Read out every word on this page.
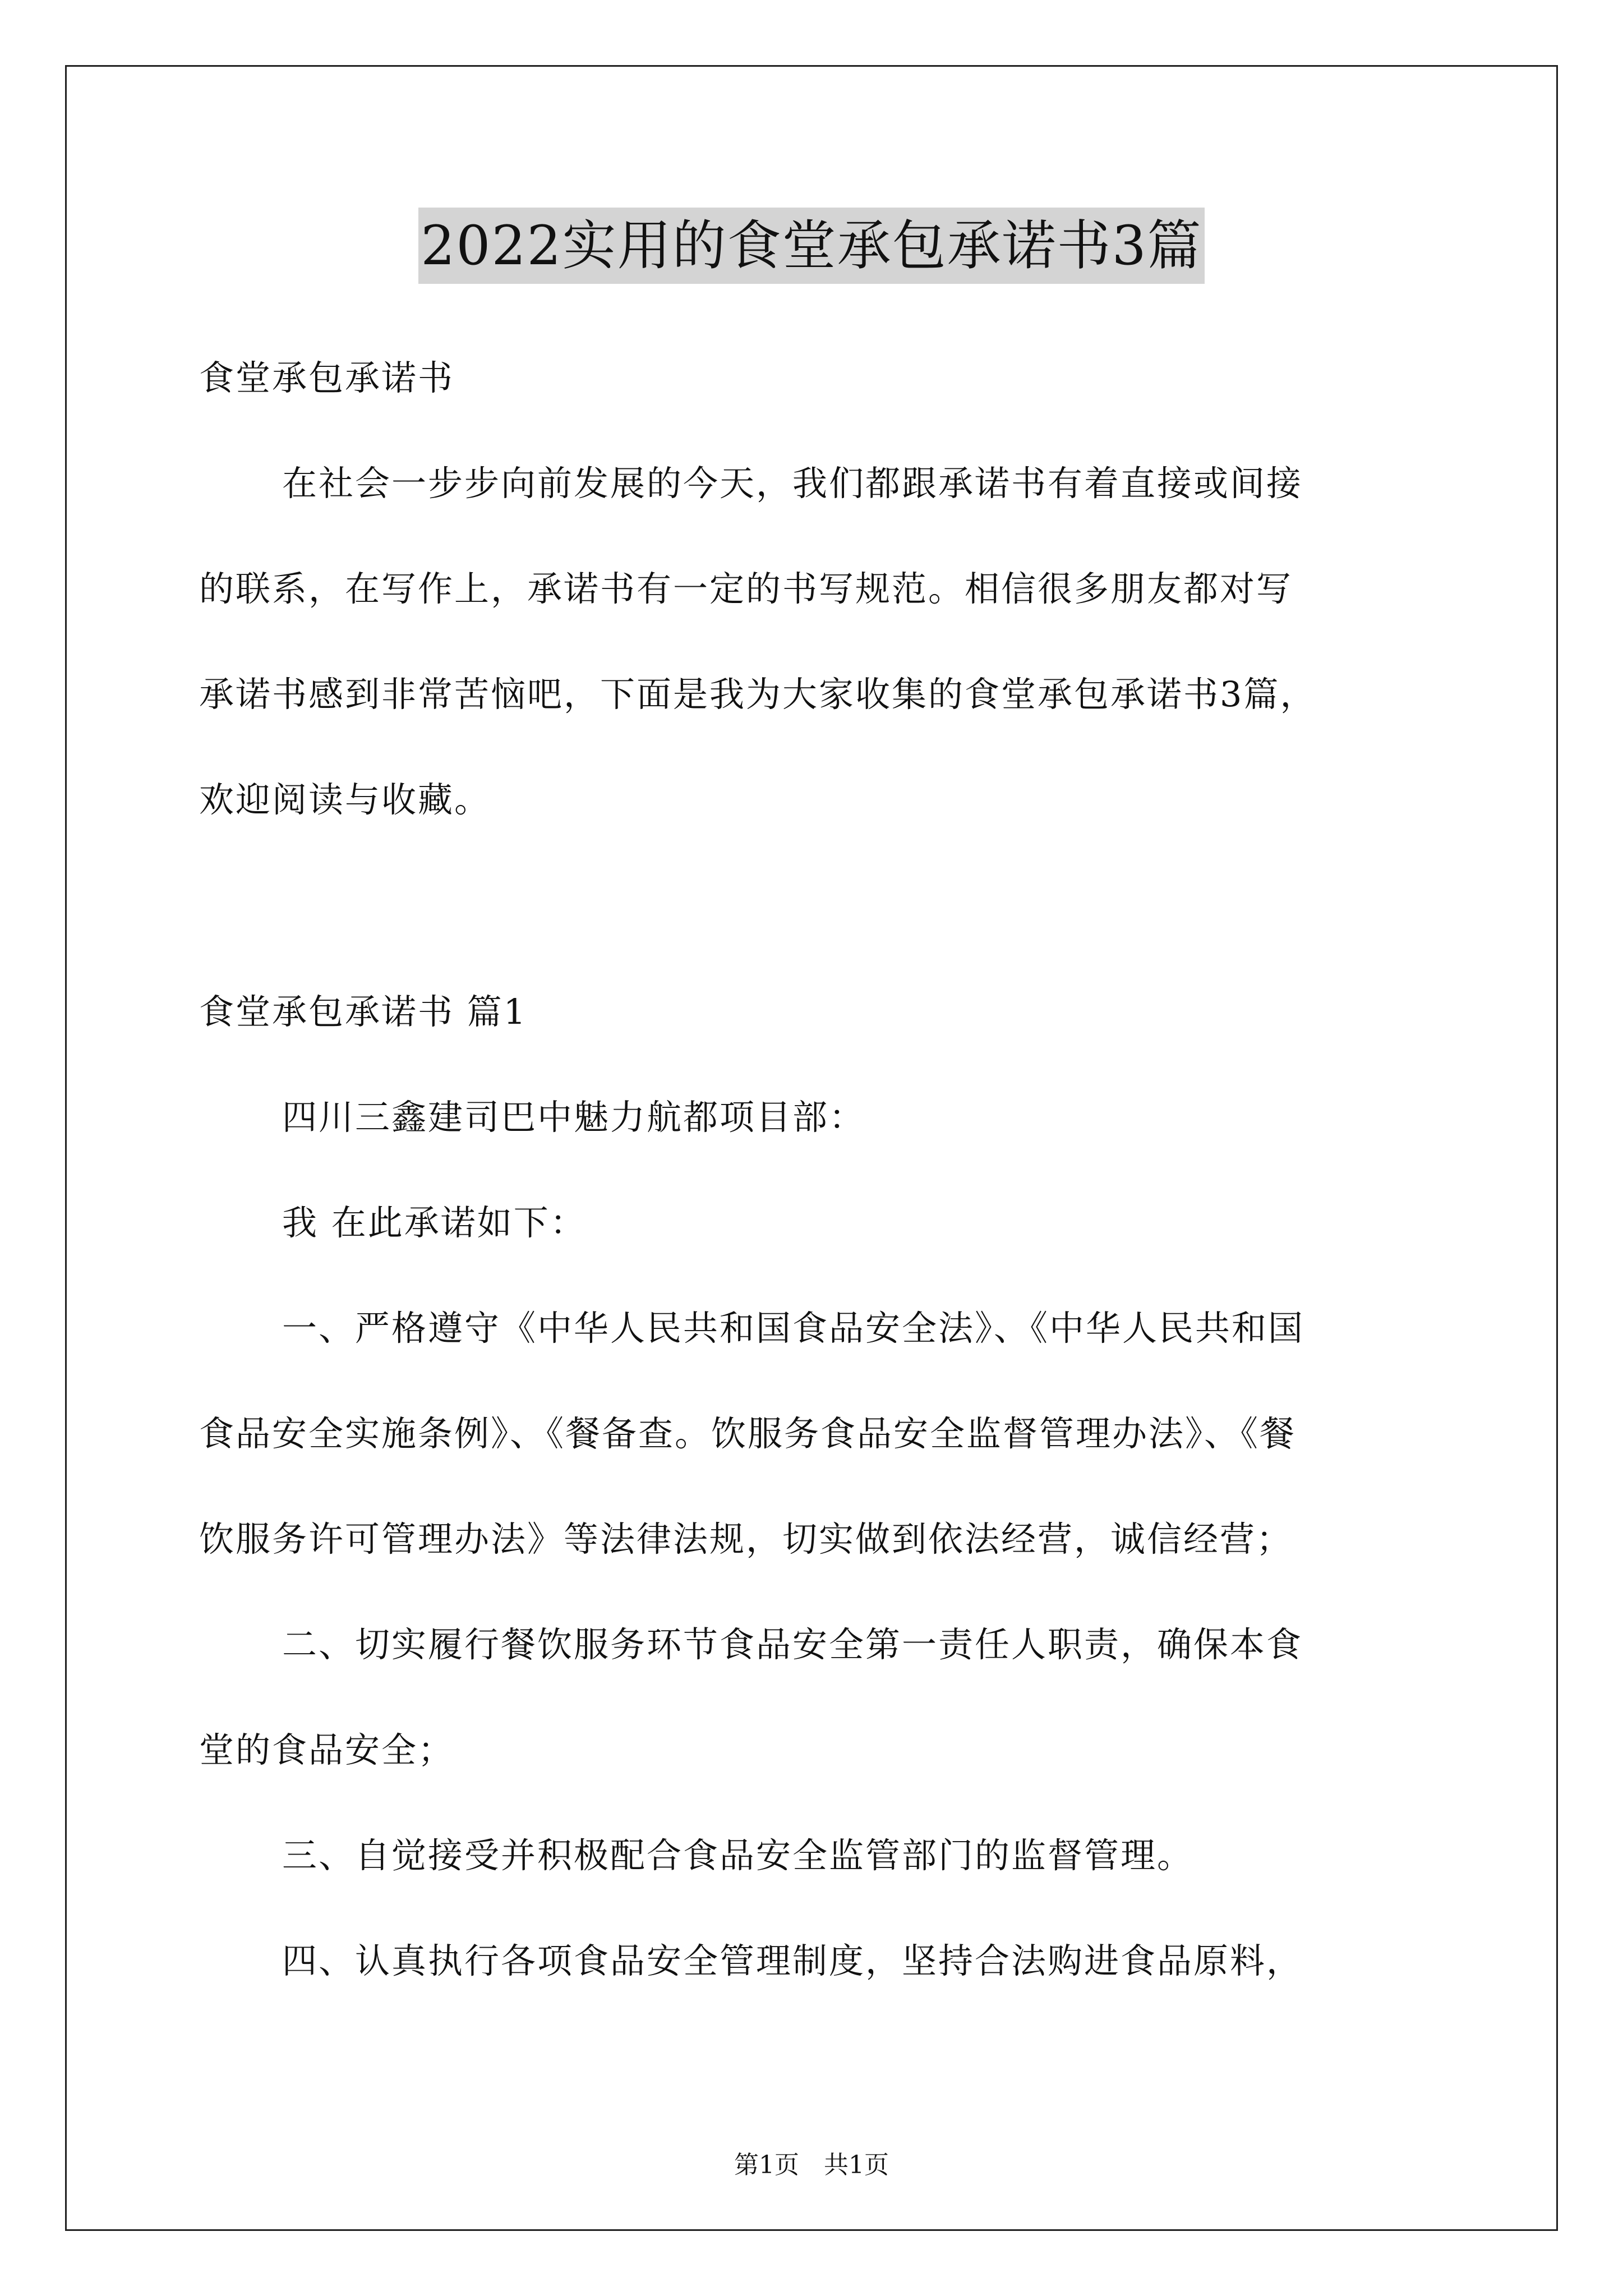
2022实用的食堂承包承诺书3篇

食堂承包承诺书

在社会一步步向前发展的今天，我们都跟承诺书有着直接或间接

的联系，在写作上，承诺书有一定的书写规范。相信很多朋友都对写

承诺书感到非常苦恼吧，下面是我为大家收集的食堂承包承诺书3篇，

欢迎阅读与收藏。

食堂承包承诺书 篇1

四川三鑫建司巴中魅力航都项目部：

我 在此承诺如下：

一、严格遵守《中华人民共和国食品安全法》、《中华人民共和国

食品安全实施条例》、《餐备查。饮服务食品安全监督管理办法》、《餐

饮服务许可管理办法》等法律法规，切实做到依法经营，诚信经营；

二、切实履行餐饮服务环节食品安全第一责任人职责，确保本食

堂的食品安全；

三、自觉接受并积极配合食品安全监管部门的监督管理。

四、认真执行各项食品安全管理制度，坚持合法购进食品原料，

第1页　共1页
